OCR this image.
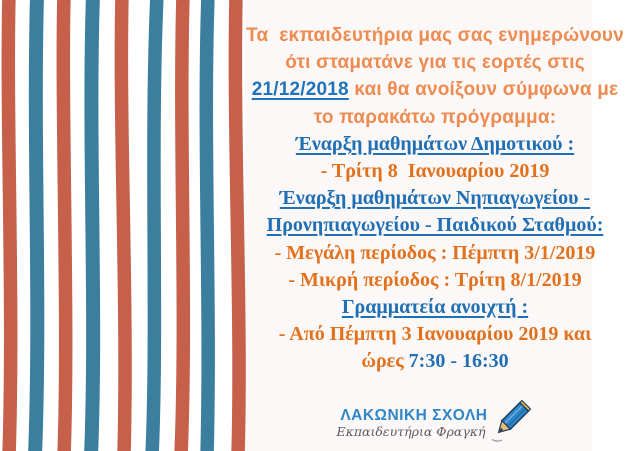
Τα  εκπαιδευτήρια μας σας ενημερώνουν
ότι σταματάνε για τις εορτές στις
21/12/2018 και θα ανοίξουν σύμφωνα με
το παρακάτω πρόγραμμα:
Έναρξη μαθημάτων Δημοτικού :
- Τρίτη 8  Ιανουαρίου 2019
Έναρξη μαθημάτων Νηπιαγωγείου -
Προνηπιαγωγείου - Παιδικού Σταθμού:
- Μεγάλη περίοδος : Πέμπτη 3/1/2019
- Μικρή περίοδος : Τρίτη 8/1/2019
Γραμματεία ανοιχτή :
- Από Πέμπτη 3 Ιανουαρίου 2019 και
ώρες 7:30 - 16:30
ΛΑΚΩΝΙΚΗ ΣΧΟΛΗ
Εκπαιδευτήρια Φραγκή
